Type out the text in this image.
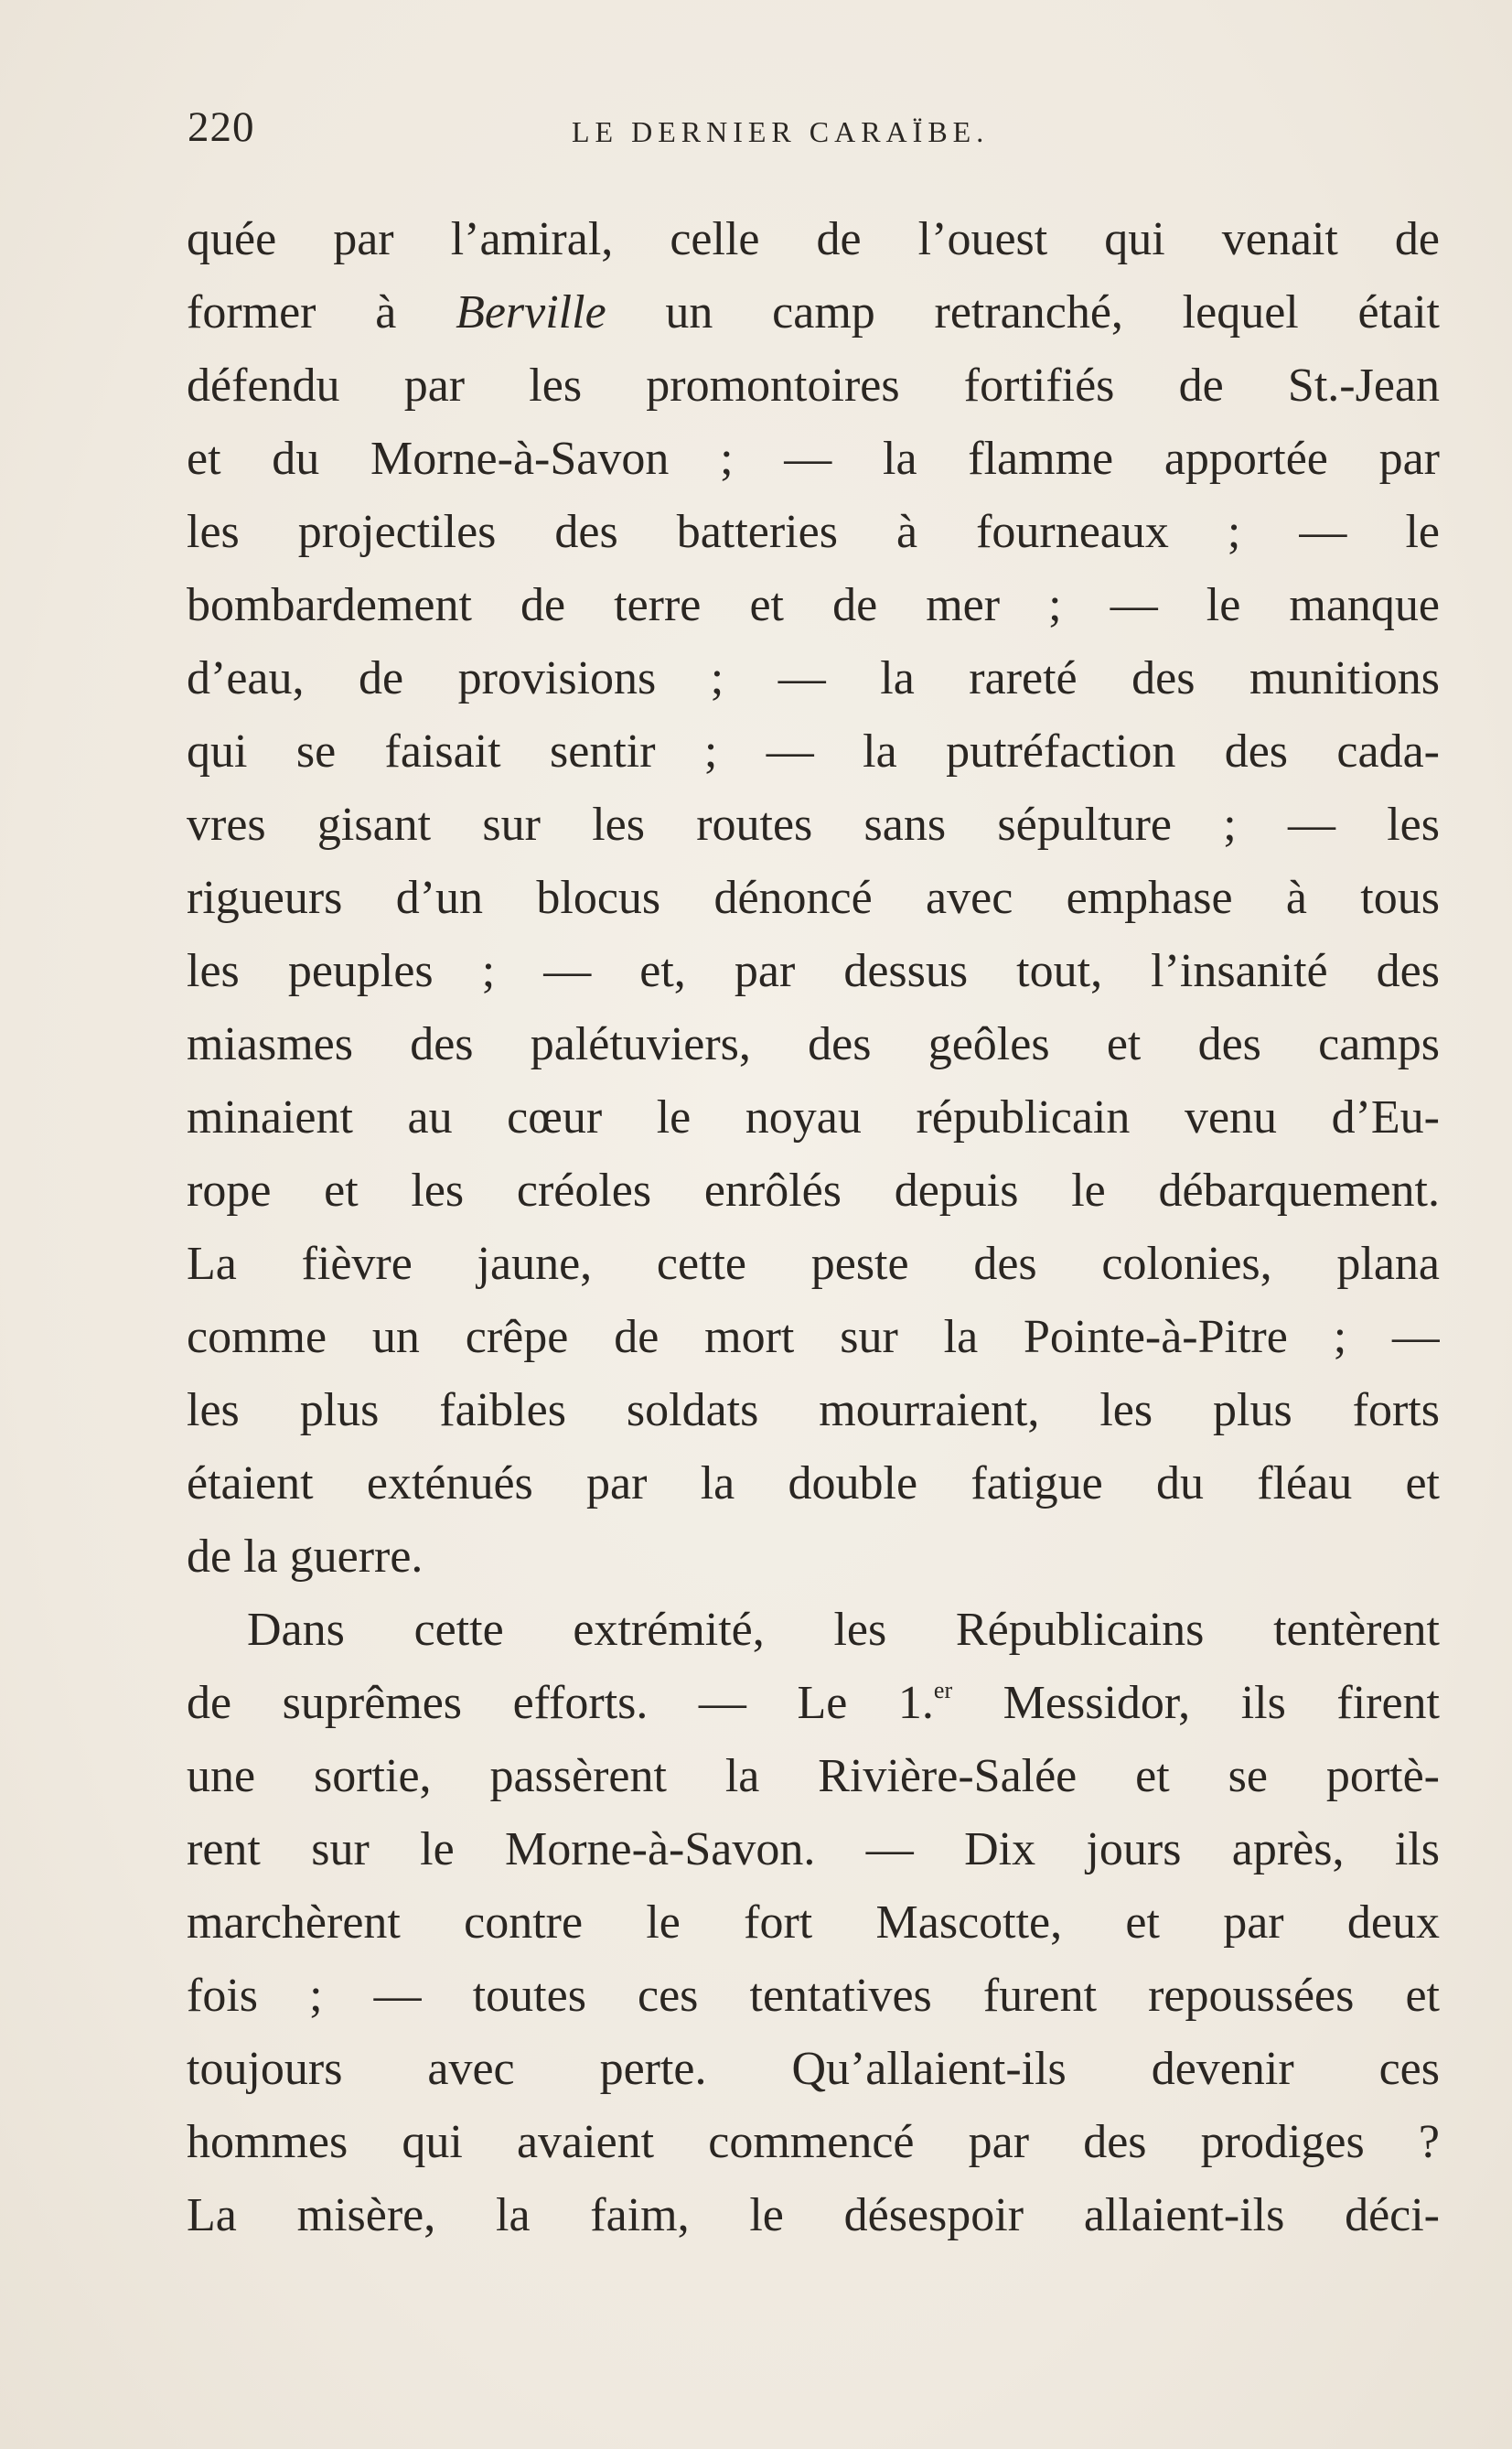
220	LE DERNIER CARAÏBE.
quée par l’amiral, celle de l’ouest qui venait de
former à Berville un camp retranché, lequel était
défendu par les promontoires fortifiés de St.-Jean
et du Morne-à-Savon ; — la flamme apportée par
les projectiles des batteries à fourneaux ; — le
bombardement de terre et de mer ; — le manque
d’eau, de provisions ; — la rareté des munitions
qui se faisait sentir ; — la putréfaction des cada-
vres gisant sur les routes sans sépulture ; — les
rigueurs d’un blocus dénoncé avec emphase à tous
les peuples ; — et, par dessus tout, l’insanité des
miasmes des palétuviers, des geôles et des camps
minaient au cœur le noyau républicain venu d’Eu-
rope et les créoles enrôlés depuis le débarquement.
La fièvre jaune, cette peste des colonies, plana
comme un crêpe de mort sur la Pointe-à-Pitre ; —
les plus faibles soldats mourraient, les plus forts
étaient exténués par la double fatigue du fléau et
de la guerre.
Dans cette extrémité, les Républicains tentèrent
de suprêmes efforts. — Le 1.$^{er}$ Messidor, ils firent
une sortie, passèrent la Rivière-Salée et se portè-
rent sur le Morne-à-Savon. — Dix jours après, ils
marchèrent contre le fort Mascotte, et par deux
fois ; — toutes ces tentatives furent repoussées et
toujours avec perte. Qu’allaient-ils devenir ces
hommes qui avaient commencé par des prodiges ?
La misère, la faim, le désespoir allaient-ils déci-
